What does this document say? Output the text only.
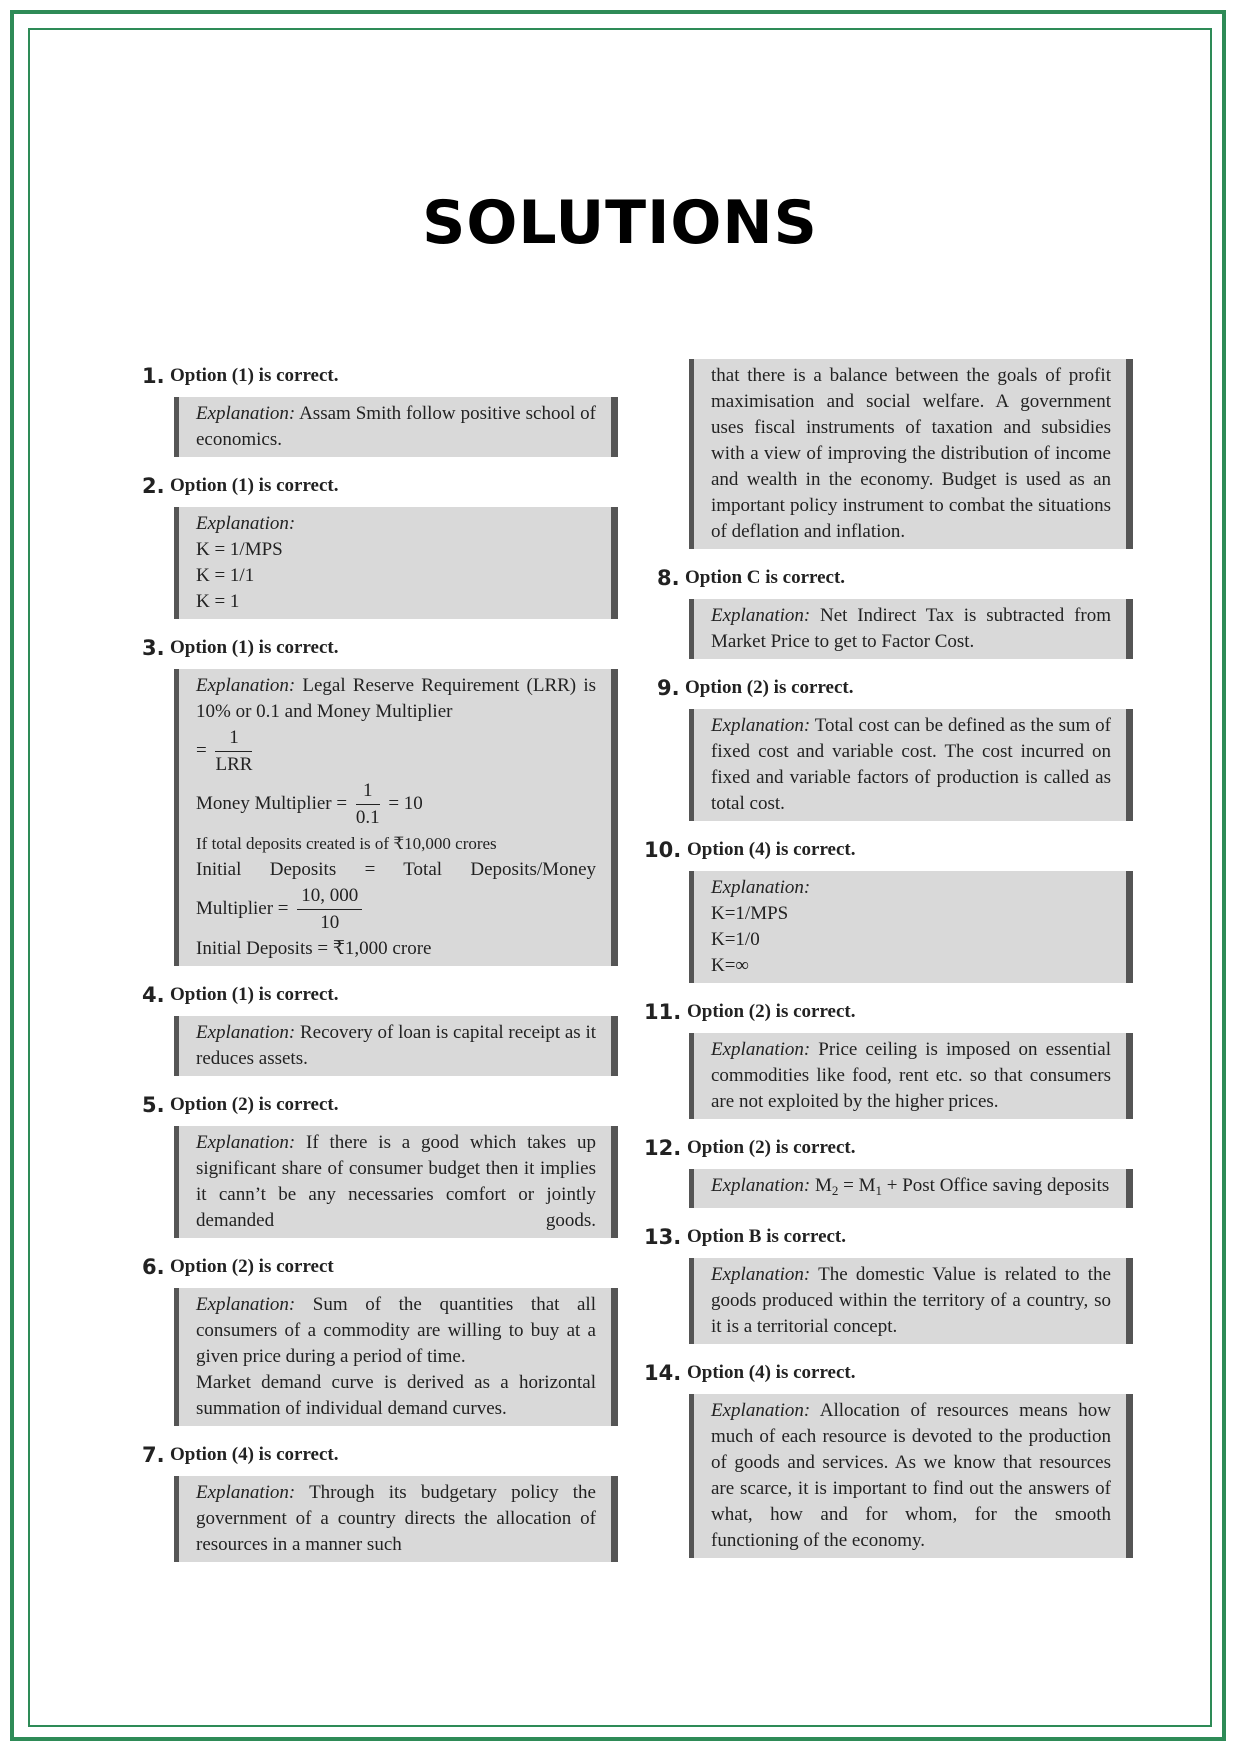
SOLUTIONS
1. Option (1) is correct.
Explanation: Assam Smith follow positive school of economics.
2. Option (1) is correct.
Explanation:
K = 1/MPS
K = 1/1
K = 1
3. Option (1) is correct.
Explanation: Legal Reserve Requirement (LRR) is 10% or 0.1 and Money Multiplier
= $\frac{1}{\text{LRR}}$
Money Multiplier = $\frac{1}{0.1} = 10$
If total deposits created is of ₹10,000 crores
Initial Deposits = Total Deposits/Money
Multiplier = $\frac{10, 000}{10}$
Initial Deposits = ₹1,000 crore
4. Option (1) is correct.
Explanation: Recovery of loan is capital receipt as it reduces assets.
5. Option (2) is correct.
Explanation: If there is a good which takes up significant share of consumer budget then it implies it cann’t be any necessaries comfort or jointly demanded goods.
6. Option (2) is correct
Explanation: Sum of the quantities that all consumers of a commodity are willing to buy at a given price during a period of time.
Market demand curve is derived as a horizontal summation of individual demand curves.
7. Option (4) is correct.
Explanation: Through its budgetary policy the government of a country directs the allocation of resources in a manner such
that there is a balance between the goals of profit maximisation and social welfare. A government uses fiscal instruments of taxation and subsidies with a view of improving the distribution of income and wealth in the economy. Budget is used as an important policy instrument to combat the situations of deflation and inflation.
8. Option C is correct.
Explanation: Net Indirect Tax is subtracted from Market Price to get to Factor Cost.
9. Option (2) is correct.
Explanation: Total cost can be defined as the sum of fixed cost and variable cost. The cost incurred on fixed and variable factors of production is called as total cost.
10. Option (4) is correct.
Explanation:
K=1/MPS
K=1/0
K=∞
11. Option (2) is correct.
Explanation: Price ceiling is imposed on essential commodities like food, rent etc. so that consumers are not exploited by the higher prices.
12. Option (2) is correct.
Explanation: $M_2 = M_1$ + Post Office saving deposits
13. Option B is correct.
Explanation: The domestic Value is related to the goods produced within the territory of a country, so it is a territorial concept.
14. Option (4) is correct.
Explanation: Allocation of resources means how much of each resource is devoted to the production of goods and services. As we know that resources are scarce, it is important to find out the answers of what, how and for whom, for the smooth functioning of the economy.
